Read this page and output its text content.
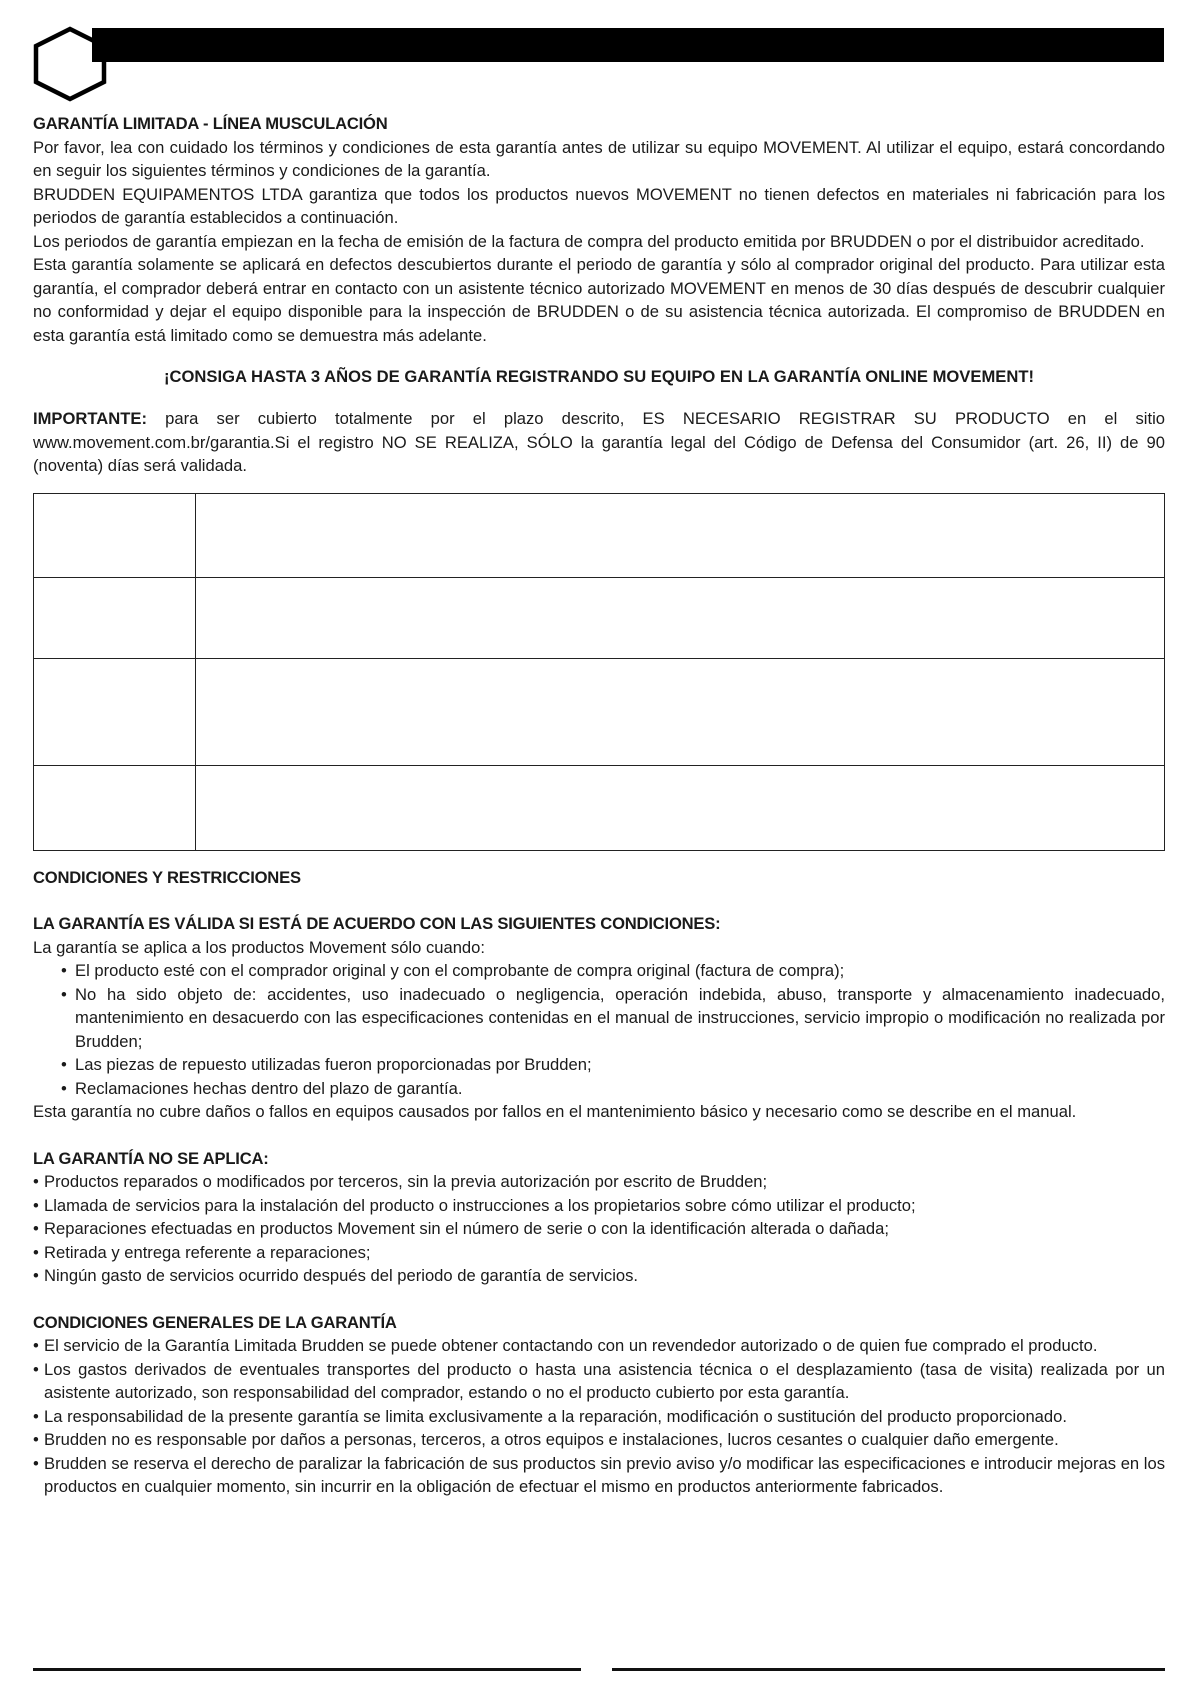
GARANTÍA LIMITADA - LÍNEA MUSCULACIÓN

Por favor, lea con cuidado los términos y condiciones de esta garantía antes de utilizar su equipo MOVEMENT. Al utilizar el equipo, estará concordando en seguir los siguientes términos y condiciones de la garantía.

BRUDDEN EQUIPAMENTOS LTDA garantiza que todos los productos nuevos MOVEMENT no tienen defectos en materiales ni fabricación para los periodos de garantía establecidos a continuación.

Los periodos de garantía empiezan en la fecha de emisión de la factura de compra del producto emitida por BRUDDEN o por el distribuidor acreditado.

Esta garantía solamente se aplicará en defectos descubiertos durante el periodo de garantía y sólo al comprador original del producto. Para utilizar esta garantía, el comprador deberá entrar en contacto con un asistente técnico autorizado MOVEMENT en menos de 30 días después de descubrir cualquier no conformidad y dejar el equipo disponible para la inspección de BRUDDEN o de su asistencia técnica autorizada. El compromiso de BRUDDEN en esta garantía está limitado como se demuestra más adelante.

¡CONSIGA HASTA 3 AÑOS DE GARANTÍA REGISTRANDO SU EQUIPO EN LA GARANTÍA ONLINE MOVEMENT!

IMPORTANTE: para ser cubierto totalmente por el plazo descrito, ES NECESARIO REGISTRAR SU PRODUCTO en el sitio www.movement.com.br/garantia.Si el registro NO SE REALIZA, SÓLO la garantía legal del Código de Defensa del Consumidor (art. 26, II) de 90 (noventa) días será validada.

CONDICIONES Y RESTRICCIONES

LA GARANTÍA ES VÁLIDA SI ESTÁ DE ACUERDO CON LAS SIGUIENTES CONDICIONES:

La garantía se aplica a los productos Movement sólo cuando:

• El producto esté con el comprador original y con el comprobante de compra original (factura de compra);
• No ha sido objeto de: accidentes, uso inadecuado o negligencia, operación indebida, abuso, transporte y almacenamiento inadecuado, mantenimiento en desacuerdo con las especificaciones contenidas en el manual de instrucciones, servicio impropio o modificación no realizada por Brudden;
• Las piezas de repuesto utilizadas fueron proporcionadas por Brudden;
• Reclamaciones hechas dentro del plazo de garantía.

Esta garantía no cubre daños o fallos en equipos causados por fallos en el mantenimiento básico y necesario como se describe en el manual.

LA GARANTÍA NO SE APLICA:

• Productos reparados o modificados por terceros, sin la previa autorización por escrito de Brudden;
• Llamada de servicios para la instalación del producto o instrucciones a los propietarios sobre cómo utilizar el producto;
• Reparaciones efectuadas en productos Movement sin el número de serie o con la identificación alterada o dañada;
• Retirada y entrega referente a reparaciones;
• Ningún gasto de servicios ocurrido después del periodo de garantía de servicios.

CONDICIONES GENERALES DE LA GARANTÍA

• El servicio de la Garantía Limitada Brudden se puede obtener contactando con un revendedor autorizado o de quien fue comprado el producto.
• Los gastos derivados de eventuales transportes del producto o hasta una asistencia técnica o el desplazamiento (tasa de visita) realizada por un asistente autorizado, son responsabilidad del comprador, estando o no el producto cubierto por esta garantía.
• La responsabilidad de la presente garantía se limita exclusivamente a la reparación, modificación o sustitución del producto proporcionado.
• Brudden no es responsable por daños a personas, terceros, a otros equipos e instalaciones, lucros cesantes o cualquier daño emergente.
• Brudden se reserva el derecho de paralizar la fabricación de sus productos sin previo aviso y/o modificar las especificaciones e introducir mejoras en los productos en cualquier momento, sin incurrir en la obligación de efectuar el mismo en productos anteriormente fabricados.
